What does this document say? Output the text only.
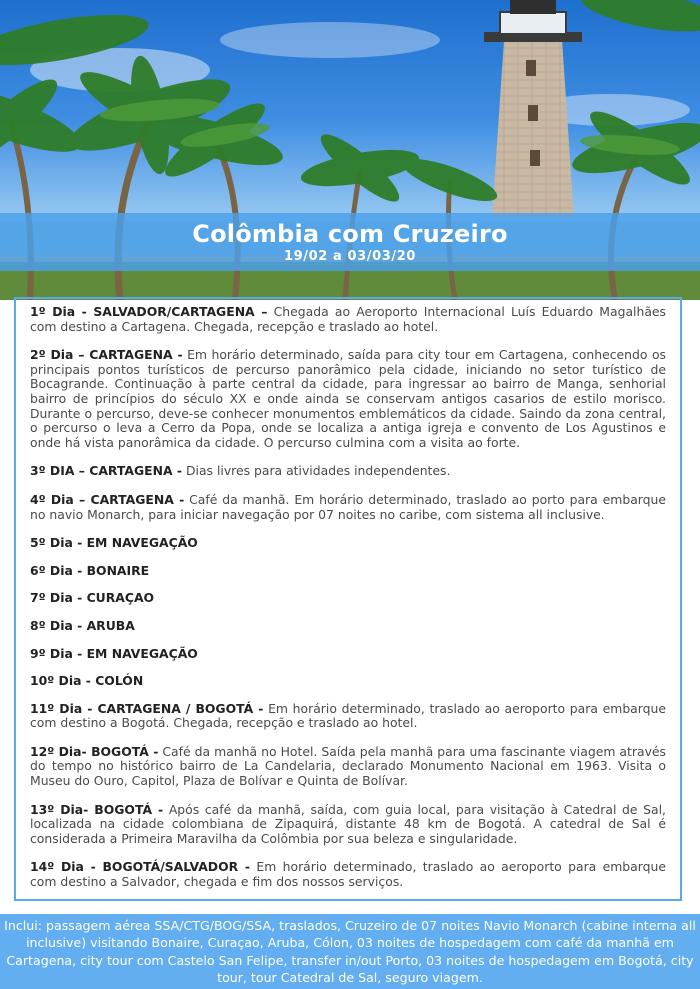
Colômbia com Cruzeiro
19/02 a 03/03/20

1º Dia - SALVADOR/CARTAGENA – Chegada ao Aeroporto Internacional Luís Eduardo Magalhães com destino a Cartagena. Chegada, recepção e traslado ao hotel.

2º Dia – CARTAGENA - Em horário determinado, saída para city tour em Cartagena, conhecendo os principais pontos turísticos de percurso panorâmico pela cidade, iniciando no setor turístico de Bocagrande. Continuação à parte central da cidade, para ingressar ao bairro de Manga, senhorial bairro de princípios do século XX e onde ainda se conservam antigos casarios de estilo morisco. Durante o percurso, deve-se conhecer monumentos emblemáticos da cidade. Saindo da zona central, o percurso o leva a Cerro da Popa, onde se localiza a antiga igreja e convento de Los Agustinos e onde há vista panorâmica da cidade. O percurso culmina com a visita ao forte.

3º DIA – CARTAGENA - Dias livres para atividades independentes.

4º Dia – CARTAGENA - Café da manhã. Em horário determinado, traslado ao porto para embarque no navio Monarch, para iniciar navegação por 07 noites no caribe, com sistema all inclusive.

5º Dia - EM NAVEGAÇÃO

6º Dia - BONAIRE

7º Dia - CURAÇAO

8º Dia - ARUBA

9º Dia - EM NAVEGAÇÃO

10º Dia - COLÓN

11º Dia - CARTAGENA / BOGOTÁ - Em horário determinado, traslado ao aeroporto para embarque com destino a Bogotá. Chegada, recepção e traslado ao hotel.

12º Dia- BOGOTÁ - Café da manhã no Hotel. Saída pela manhã para uma fascinante viagem através do tempo no histórico bairro de La Candelaria, declarado Monumento Nacional em 1963. Visita o Museu do Ouro, Capitol, Plaza de Bolívar e Quinta de Bolívar.

13º Dia- BOGOTÁ - Após café da manhã, saída, com guia local, para visitação à Catedral de Sal, localizada na cidade colombiana de Zipaquirá, distante 48 km de Bogotá. A catedral de Sal é considerada a Primeira Maravilha da Colômbia por sua beleza e singularidade.

14º Dia - BOGOTÁ/SALVADOR - Em horário determinado, traslado ao aeroporto para embarque com destino a Salvador, chegada e fim dos nossos serviços.

Inclui: passagem aérea SSA/CTG/BOG/SSA, traslados, Cruzeiro de 07 noites Navio Monarch (cabine interna all inclusive) visitando Bonaire, Curaçao, Aruba, Cólon, 03 noites de hospedagem com café da manhã em Cartagena, city tour com Castelo San Felipe, transfer in/out Porto, 03 noites de hospedagem em Bogotá, city tour, tour Catedral de Sal, seguro viagem.
